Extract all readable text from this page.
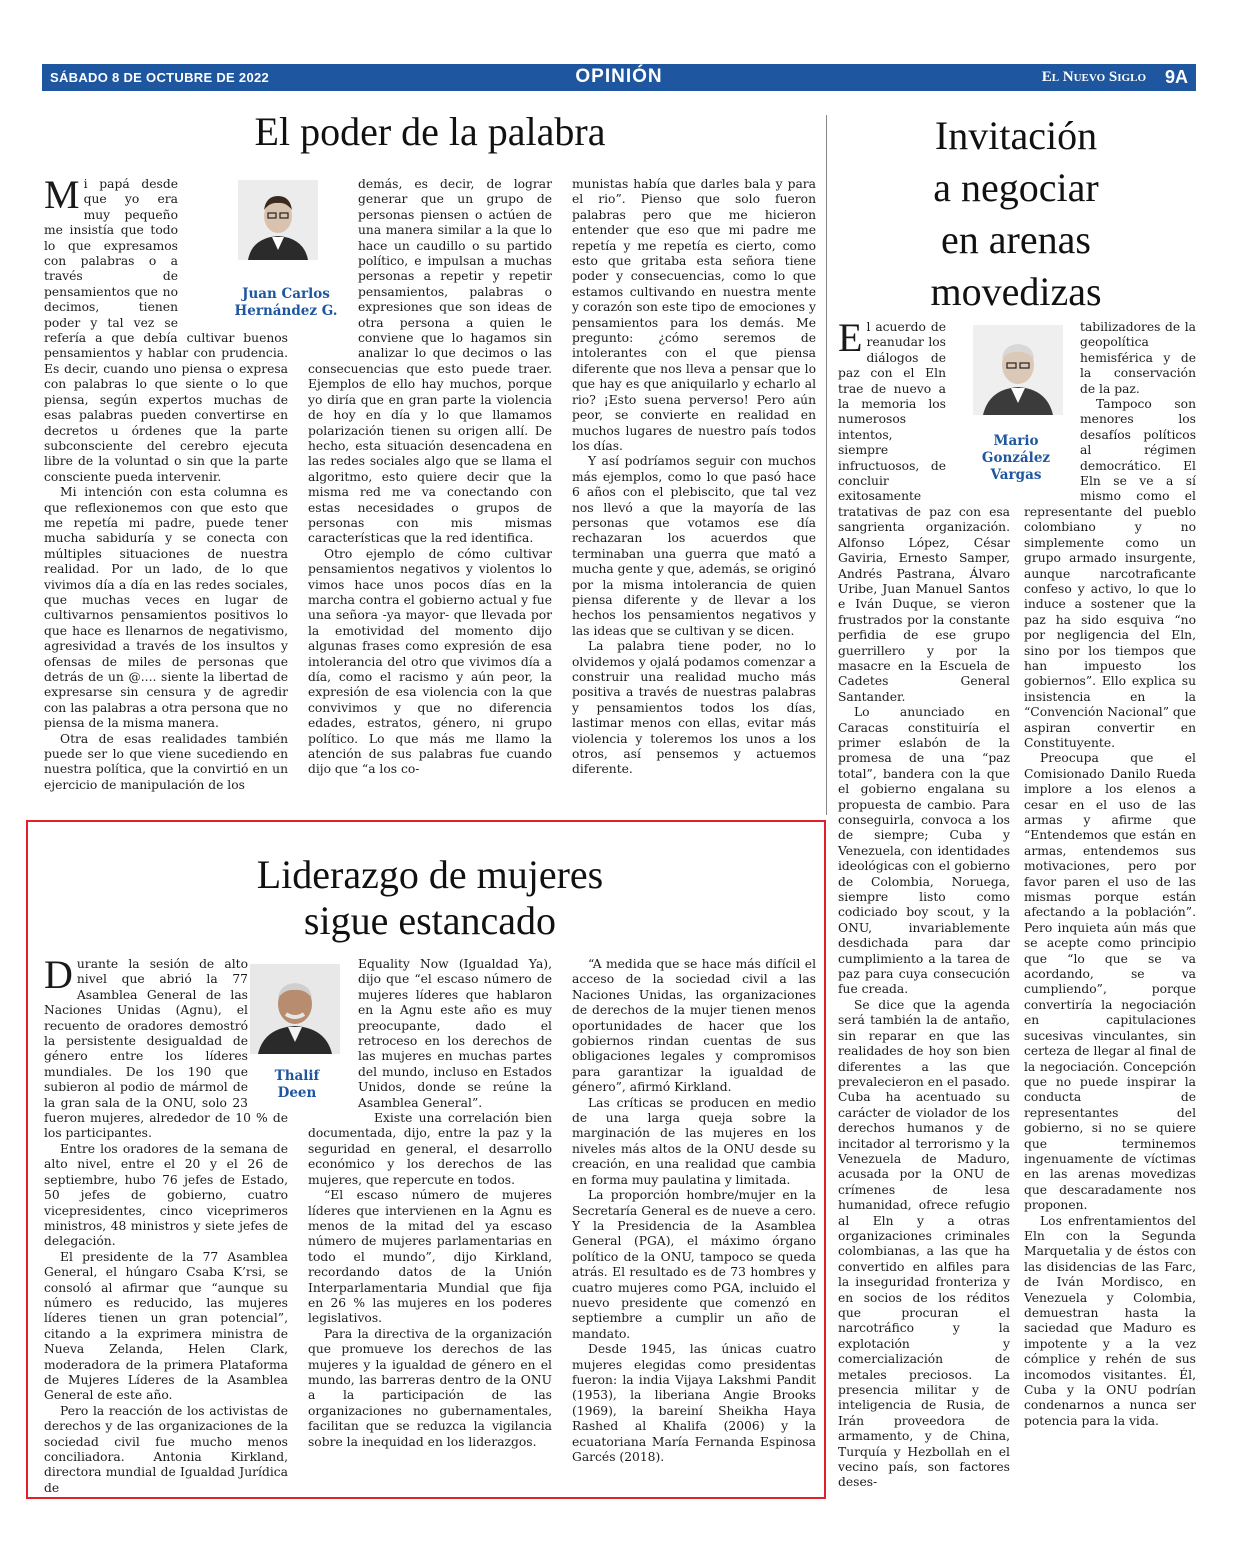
SÁBADO 8 DE OCTUBRE DE 2022	OPINIÓN	El Nuevo Siglo 9A
El poder de la palabra

Mi papá desde que yo era muy pequeño me insistía que todo lo que expresamos con palabras o a través de pensamientos que no decimos, tienen poder y tal vez se refería a que debía cultivar buenos pensamientos y hablar con prudencia. Es decir, cuando uno piensa o expresa con palabras lo que siente o lo que piensa, según expertos muchas de esas palabras pueden convertirse en decretos u órdenes que la parte subconsciente del cerebro ejecuta libre de la voluntad o sin que la parte consciente pueda intervenir.

Mi intención con esta columna es que reflexionemos con que esto que me repetía mi padre, puede tener mucha sabiduría y se conecta con múltiples situaciones de nuestra realidad. Por un lado, de lo que vivimos día a día en las redes sociales, que muchas veces en lugar de cultivarnos pensamientos positivos lo que hace es llenarnos de negativismo, agresividad a través de los insultos y ofensas de miles de personas que detrás de un @.... siente la libertad de expresarse sin censura y de agredir con las palabras a otra persona que no piensa de la misma manera.

Otra de esas realidades también puede ser lo que viene sucediendo en nuestra política, que la convirtió en un ejercicio de manipulación de los

Juan Carlos
Hernández G.

demás, es decir, de lograr generar que un grupo de personas piensen o actúen de una manera similar a la que lo hace un caudillo o su partido político, e impulsan a muchas personas a repetir y repetir pensamientos, palabras o expresiones que son ideas de otra persona a quien le conviene que lo hagamos sin analizar lo que decimos o las consecuencias que esto puede traer. Ejemplos de ello hay muchos, porque yo diría que en gran parte la violencia de hoy en día y lo que llamamos polarización tienen su origen allí. De hecho, esta situación desencadena en las redes sociales algo que se llama el algoritmo, esto quiere decir que la misma red me va conectando con estas necesidades o grupos de personas con mis mismas características que la red identifica.

Otro ejemplo de cómo cultivar pensamientos negativos y violentos lo vimos hace unos pocos días en la marcha contra el gobierno actual y fue una señora -ya mayor- que llevada por la emotividad del momento dijo algunas frases como expresión de esa intolerancia del otro que vivimos día a día, como el racismo y aún peor, la expresión de esa violencia con la que convivimos y que no diferencia edades, estratos, género, ni grupo político. Lo que más me llamo la atención de sus palabras fue cuando dijo que “a los co-

munistas había que darles bala y para el rio”. Pienso que solo fueron palabras pero que me hicieron entender que eso que mi padre me repetía y me repetía es cierto, como esto que gritaba esta señora tiene poder y consecuencias, como lo que estamos cultivando en nuestra mente y corazón son este tipo de emociones y pensamientos para los demás. Me pregunto: ¿cómo seremos de intolerantes con el que piensa diferente que nos lleva a pensar que lo que hay es que aniquilarlo y echarlo al rio? ¡Esto suena perverso! Pero aún peor, se convierte en realidad en muchos lugares de nuestro país todos los días.

Y así podríamos seguir con muchos más ejemplos, como lo que pasó hace 6 años con el plebiscito, que tal vez nos llevó a que la mayoría de las personas que votamos ese día rechazaran los acuerdos que terminaban una guerra que mató a mucha gente y que, además, se originó por la misma intolerancia de quien piensa diferente y de llevar a los hechos los pensamientos negativos y las ideas que se cultivan y se dicen.

La palabra tiene poder, no lo olvidemos y ojalá podamos comenzar a construir una realidad mucho más positiva a través de nuestras palabras y pensamientos todos los días, lastimar menos con ellas, evitar más violencia y toleremos los unos a los otros, así pensemos y actuemos diferente.

Invitación
a negociar
en arenas
movedizas

El acuerdo de reanudar los diálogos de paz con el Eln trae de nuevo a la memoria los numerosos intentos, siempre infructuosos, de concluir exitosamente tratativas de paz con esa sangrienta organización. Alfonso López, César Gaviria, Ernesto Samper, Andrés Pastrana, Álvaro Uribe, Juan Manuel Santos e Iván Duque, se vieron frustrados por la constante perfidia de ese grupo guerrillero y por la masacre en la Escuela de Cadetes General Santander.

Lo anunciado en Caracas constituiría el primer eslabón de la promesa de una “paz total”, bandera con la que el gobierno engalana su propuesta de cambio. Para conseguirla, convoca a los de siempre; Cuba y Venezuela, con identidades ideológicas con el gobierno de Colombia, Noruega, siempre listo como codiciado boy scout, y la ONU, invariablemente desdichada para dar cumplimiento a la tarea de paz para cuya consecución fue creada.

Se dice que la agenda será también la de antaño, sin reparar en que las realidades de hoy son bien diferentes a las que prevalecieron en el pasado. Cuba ha acentuado su carácter de violador de los derechos humanos y de incitador al terrorismo y la Venezuela de Maduro, acusada por la ONU de crímenes de lesa humanidad, ofrece refugio al Eln y a otras organizaciones criminales colombianas, a las que ha convertido en alfiles para la inseguridad fronteriza y en socios de los réditos que procuran el narcotráfico y la explotación y comercialización de metales preciosos. La presencia militar y de inteligencia de Rusia, de Irán proveedora de armamento, y de China, Turquía y Hezbollah en el vecino país, son factores deses-

Mario
González
Vargas

tabilizadores de la geopolítica hemisférica y de la conservación de la paz.

Tampoco son menores los desafíos políticos al régimen democrático. El Eln se ve a sí mismo como el representante del pueblo colombiano y no simplemente como un grupo armado insurgente, aunque narcotraficante confeso y activo, lo que lo induce a sostener que la paz ha sido esquiva “no por negligencia del Eln, sino por los tiempos que han impuesto los gobiernos”. Ello explica su insistencia en la “Convención Nacional” que aspiran convertir en Constituyente.

Preocupa que el Comisionado Danilo Rueda implore a los elenos a cesar en el uso de las armas y afirme que “Entendemos que están en armas, entendemos sus motivaciones, pero por favor paren el uso de las mismas porque están afectando a la población”. Pero inquieta aún más que se acepte como principio que “lo que se va acordando, se va cumpliendo”, porque convertiría la negociación en capitulaciones sucesivas vinculantes, sin certeza de llegar al final de la negociación. Concepción que no puede inspirar la conducta de representantes del gobierno, si no se quiere que terminemos ingenuamente de víctimas en las arenas movedizas que descaradamente nos proponen.

Los enfrentamientos del Eln con la Segunda Marquetalia y de éstos con las disidencias de las Farc, de Iván Mordisco, en Venezuela y Colombia, demuestran hasta la saciedad que Maduro es impotente y a la vez cómplice y rehén de sus incomodos visitantes. Él, Cuba y la ONU podrían condenarnos a nunca ser potencia para la vida.

Liderazgo de mujeres
sigue estancado

Durante la sesión de alto nivel que abrió la 77 Asamblea General de las Naciones Unidas (Agnu), el recuento de oradores demostró la persistente desigualdad de género entre los líderes mundiales. De los 190 que subieron al podio de mármol de la gran sala de la ONU, solo 23 fueron mujeres, alrededor de 10 % de los participantes.

Entre los oradores de la semana de alto nivel, entre el 20 y el 26 de septiembre, hubo 76 jefes de Estado, 50 jefes de gobierno, cuatro vicepresidentes, cinco viceprimeros ministros, 48 ministros y siete jefes de delegación.

El presidente de la 77 Asamblea General, el húngaro Csaba K’rsi, se consoló al afirmar que “aunque su número es reducido, las mujeres líderes tienen un gran potencial”, citando a la exprimera ministra de Nueva Zelanda, Helen Clark, moderadora de la primera Plataforma de Mujeres Líderes de la Asamblea General de este año.

Pero la reacción de los activistas de derechos y de las organizaciones de la sociedad civil fue mucho menos conciliadora. Antonia Kirkland, directora mundial de Igualdad Jurídica de

Thalif
Deen

Equality Now (Igualdad Ya), dijo que “el escaso número de mujeres líderes que hablaron en la Agnu este año es muy preocupante, dado el retroceso en los derechos de las mujeres en muchas partes del mundo, incluso en Estados Unidos, donde se reúne la Asamblea General”.

Existe una correlación bien documentada, dijo, entre la paz y la seguridad en general, el desarrollo económico y los derechos de las mujeres, que repercute en todos.

“El escaso número de mujeres líderes que intervienen en la Agnu es menos de la mitad del ya escaso número de mujeres parlamentarias en todo el mundo”, dijo Kirkland, recordando datos de la Unión Interparlamentaria Mundial que fija en 26 % las mujeres en los poderes legislativos.

Para la directiva de la organización que promueve los derechos de las mujeres y la igualdad de género en el mundo, las barreras dentro de la ONU a la participación de las organizaciones no gubernamentales, facilitan que se reduzca la vigilancia sobre la inequidad en los liderazgos.

“A medida que se hace más difícil el acceso de la sociedad civil a las Naciones Unidas, las organizaciones de derechos de la mujer tienen menos oportunidades de hacer que los gobiernos rindan cuentas de sus obligaciones legales y compromisos para garantizar la igualdad de género”, afirmó Kirkland.

Las críticas se producen en medio de una larga queja sobre la marginación de las mujeres en los niveles más altos de la ONU desde su creación, en una realidad que cambia en forma muy paulatina y limitada.

La proporción hombre/mujer en la Secretaría General es de nueve a cero. Y la Presidencia de la Asamblea General (PGA), el máximo órgano político de la ONU, tampoco se queda atrás. El resultado es de 73 hombres y cuatro mujeres como PGA, incluido el nuevo presidente que comenzó en septiembre a cumplir un año de mandato.

Desde 1945, las únicas cuatro mujeres elegidas como presidentas fueron: la india Vijaya Lakshmi Pandit (1953), la liberiana Angie Brooks (1969), la bareiní Sheikha Haya Rashed al Khalifa (2006) y la ecuatoriana María Fernanda Espinosa Garcés (2018).
